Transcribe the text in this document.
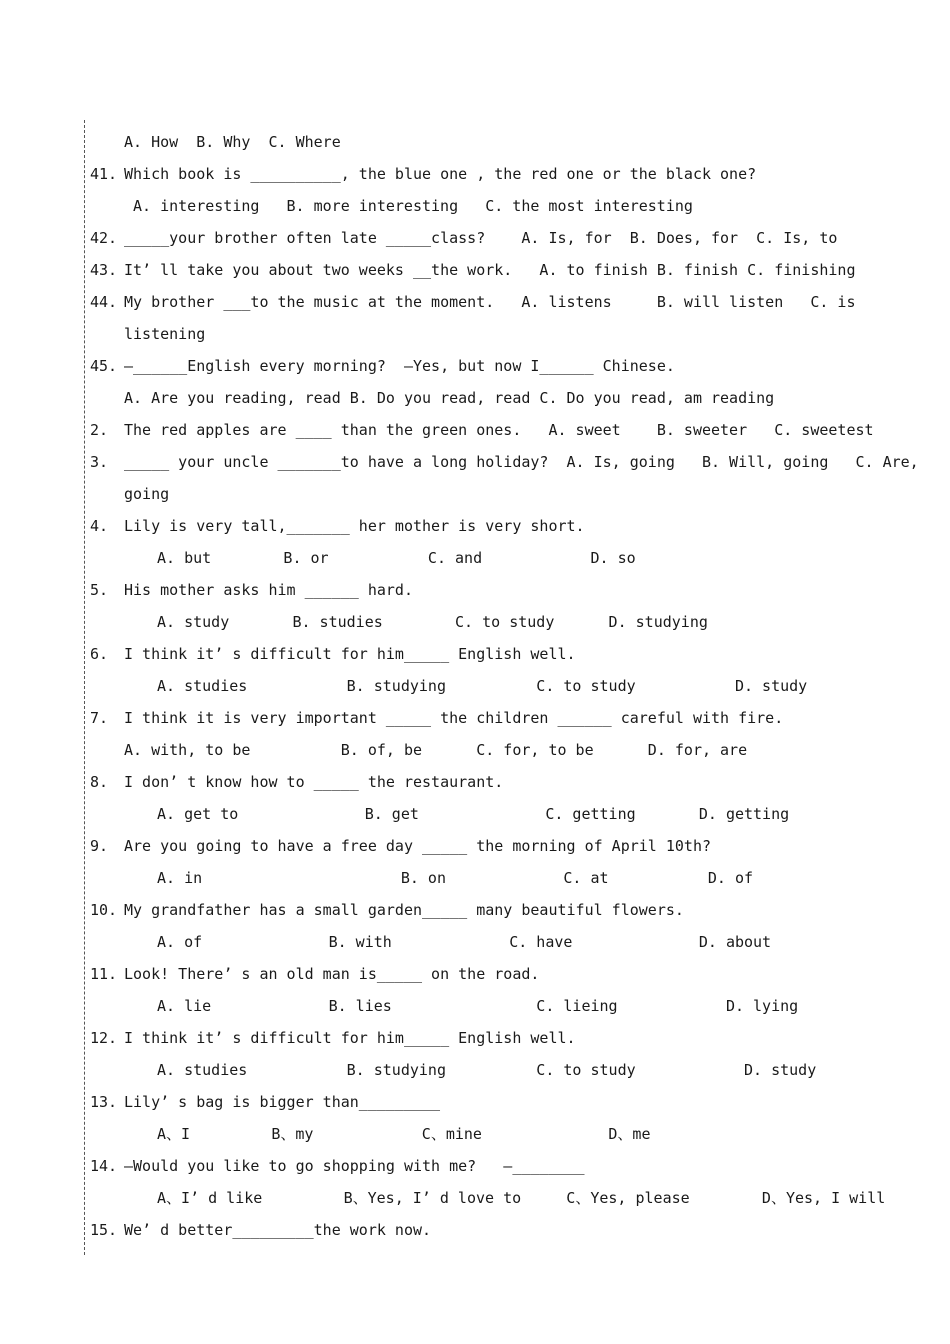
A. How  B. Why  C. Where
41. Which book is __________, the blue one , the red one or the black one?
A. interesting   B. more interesting   C. the most interesting
42. _____your brother often late _____class?    A. Is, for  B. Does, for  C. Is, to
43. It’ ll take you about two weeks __the work.   A. to finish B. finish C. finishing
44. My brother ___to the music at the moment.   A. listens     B. will listen   C. is
listening
45. —______English every morning?  —Yes, but now I______ Chinese.
A. Are you reading, read B. Do you read, read C. Do you read, am reading
2. The red apples are ____ than the green ones.   A. sweet    B. sweeter   C. sweetest
3. _____ your uncle _______to have a long holiday?  A. Is, going   B. Will, going   C. Are,
going
4. Lily is very tall,_______ her mother is very short.
A. but        B. or           C. and            D. so
5. His mother asks him ______ hard.
A. study       B. studies        C. to study      D. studying
6. I think it’ s difficult for him_____ English well.
A. studies           B. studying          C. to study           D. study
7. I think it is very important _____ the children ______ careful with fire.
A. with, to be          B. of, be      C. for, to be      D. for, are
8. I don’ t know how to _____ the restaurant.
A. get to              B. get              C. getting       D. getting
9. Are you going to have a free day _____ the morning of April 10th?
A. in                      B. on             C. at           D. of
10. My grandfather has a small garden_____ many beautiful flowers.
A. of              B. with             C. have              D. about
11. Look! There’ s an old man is_____ on the road.
A. lie             B. lies                C. lieing            D. lying
12. I think it’ s difficult for him_____ English well.
A. studies           B. studying          C. to study            D. study
13. Lily’ s bag is bigger than_________
A、I         B、my            C、mine              D、me
14. —Would you like to go shopping with me?   —________
A、I’ d like         B、Yes, I’ d love to     C、Yes, please        D、Yes, I will
15. We’ d better_________the work now.
